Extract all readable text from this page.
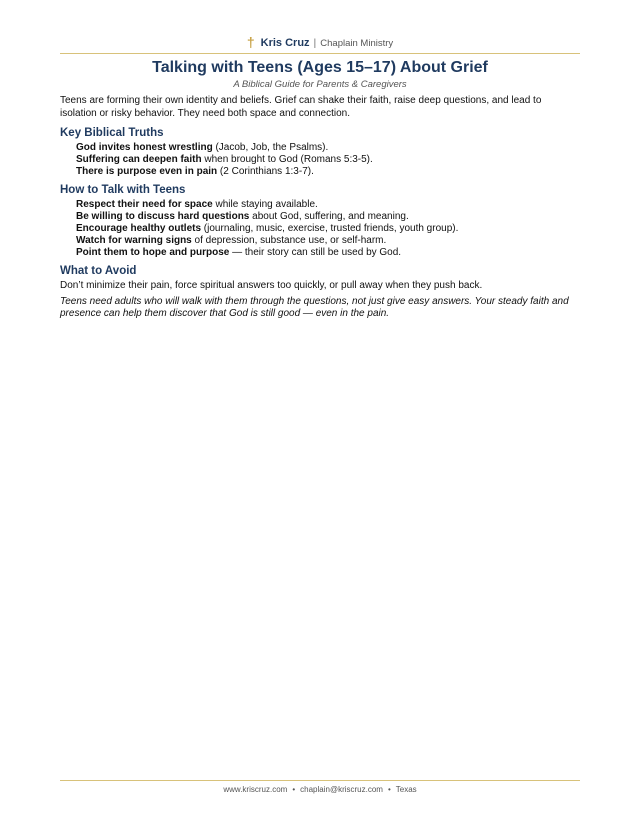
† Kris Cruz | Chaplain Ministry
Talking with Teens (Ages 15–17) About Grief

A Biblical Guide for Parents & Caregivers

Teens are forming their own identity and beliefs. Grief can shake their faith, raise deep questions, and lead to isolation or risky behavior. They need both space and connection.

Key Biblical Truths
God invites honest wrestling (Jacob, Job, the Psalms).
Suffering can deepen faith when brought to God (Romans 5:3-5).
There is purpose even in pain (2 Corinthians 1:3-7).
How to Talk with Teens
Respect their need for space while staying available.
Be willing to discuss hard questions about God, suffering, and meaning.
Encourage healthy outlets (journaling, music, exercise, trusted friends, youth group).
Watch for warning signs of depression, substance use, or self-harm.
Point them to hope and purpose — their story can still be used by God.
What to Avoid

Don’t minimize their pain, force spiritual answers too quickly, or pull away when they push back.

Teens need adults who will walk with them through the questions, not just give easy answers. Your steady faith and presence can help them discover that God is still good — even in the pain.

www.kriscruz.com • chaplain@kriscruz.com • Texas
